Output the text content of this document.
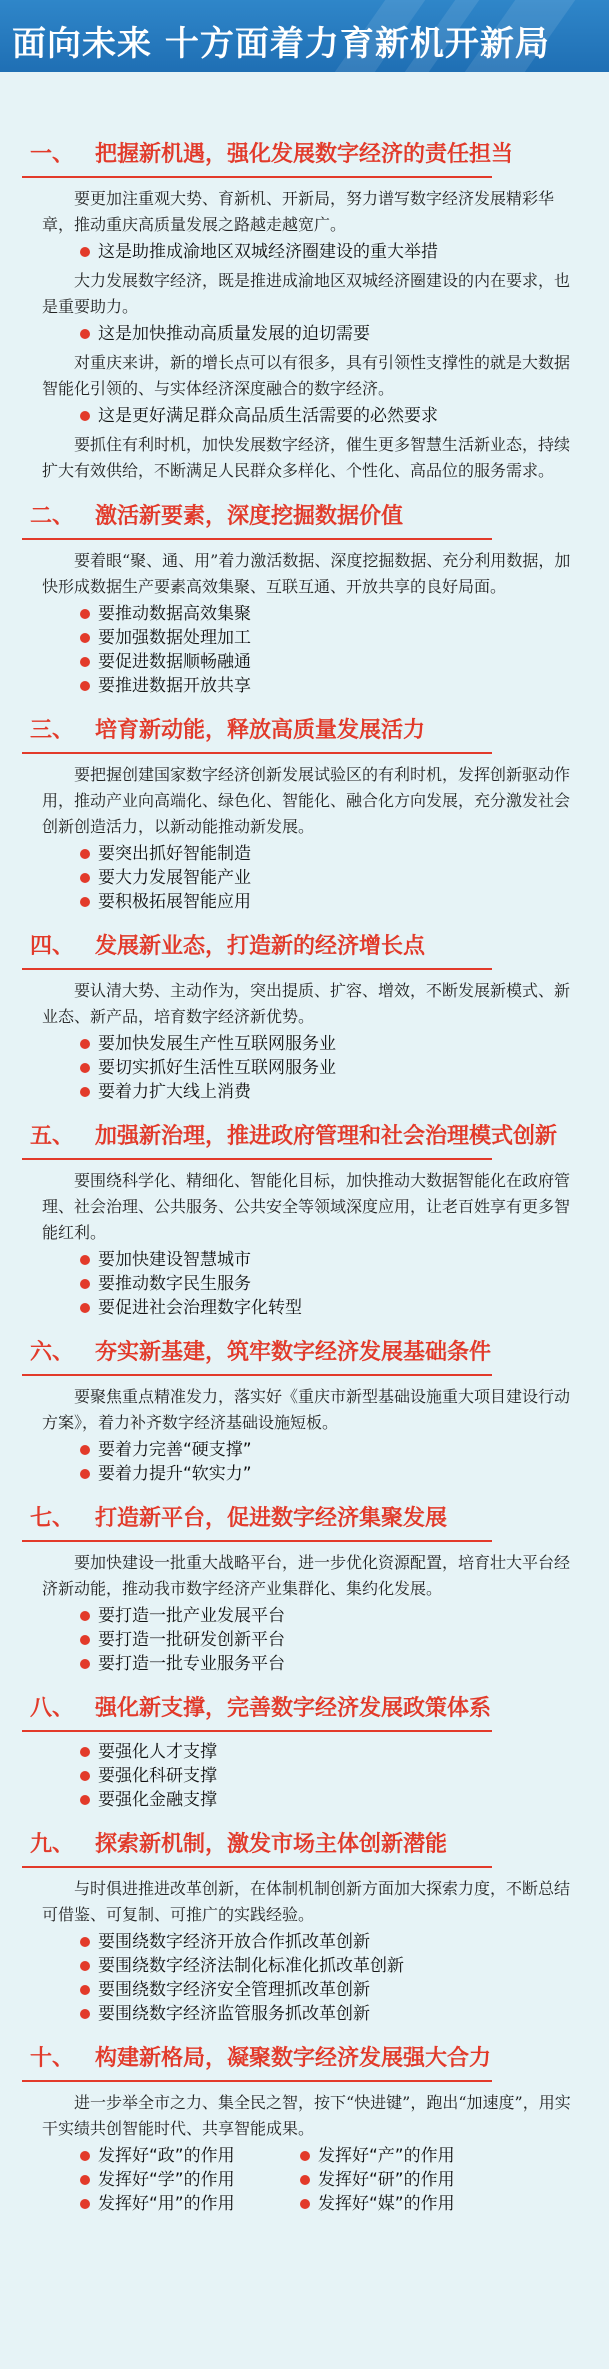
面向未来 十方面着力育新机开新局
一、 把握新机遇，强化发展数字经济的责任担当

要更加注重观大势、育新机、开新局，努力谱写数字经济发展精彩华章，推动重庆高质量发展之路越走越宽广。

这是助推成渝地区双城经济圈建设的重大举措

大力发展数字经济，既是推进成渝地区双城经济圈建设的内在要求，也是重要助力。

这是加快推动高质量发展的迫切需要

对重庆来讲，新的增长点可以有很多，具有引领性支撑性的就是大数据智能化引领的、与实体经济深度融合的数字经济。

这是更好满足群众高品质生活需要的必然要求

要抓住有利时机，加快发展数字经济，催生更多智慧生活新业态，持续扩大有效供给，不断满足人民群众多样化、个性化、高品位的服务需求。

二、 激活新要素，深度挖掘数据价值

要着眼“聚、通、用”着力激活数据、深度挖掘数据、充分利用数据，加快形成数据生产要素高效集聚、互联互通、开放共享的良好局面。

要推动数据高效集聚
要加强数据处理加工
要促进数据顺畅融通
要推进数据开放共享
三、 培育新动能，释放高质量发展活力

要把握创建国家数字经济创新发展试验区的有利时机，发挥创新驱动作用，推动产业向高端化、绿色化、智能化、融合化方向发展，充分激发社会创新创造活力，以新动能推动新发展。

要突出抓好智能制造
要大力发展智能产业
要积极拓展智能应用
四、 发展新业态，打造新的经济增长点

要认清大势、主动作为，突出提质、扩容、增效，不断发展新模式、新业态、新产品，培育数字经济新优势。

要加快发展生产性互联网服务业
要切实抓好生活性互联网服务业
要着力扩大线上消费
五、 加强新治理，推进政府管理和社会治理模式创新

要围绕科学化、精细化、智能化目标，加快推动大数据智能化在政府管理、社会治理、公共服务、公共安全等领域深度应用，让老百姓享有更多智能红利。

要加快建设智慧城市
要推动数字民生服务
要促进社会治理数字化转型
六、 夯实新基建，筑牢数字经济发展基础条件

要聚焦重点精准发力，落实好《重庆市新型基础设施重大项目建设行动方案》，着力补齐数字经济基础设施短板。

要着力完善“硬支撑”
要着力提升“软实力”
七、 打造新平台，促进数字经济集聚发展

要加快建设一批重大战略平台，进一步优化资源配置，培育壮大平台经济新动能，推动我市数字经济产业集群化、集约化发展。

要打造一批产业发展平台
要打造一批研发创新平台
要打造一批专业服务平台
八、 强化新支撑，完善数字经济发展政策体系
要强化人才支撑
要强化科研支撑
要强化金融支撑
九、 探索新机制，激发市场主体创新潜能

与时俱进推进改革创新，在体制机制创新方面加大探索力度，不断总结可借鉴、可复制、可推广的实践经验。

要围绕数字经济开放合作抓改革创新
要围绕数字经济法制化标准化抓改革创新
要围绕数字经济安全管理抓改革创新
要围绕数字经济监管服务抓改革创新
十、 构建新格局，凝聚数字经济发展强大合力

进一步举全市之力、集全民之智，按下“快进键”，跑出“加速度”，用实干实绩共创智能时代、共享智能成果。

发挥好“政”的作用	发挥好“产”的作用
发挥好“学”的作用	发挥好“研”的作用
发挥好“用”的作用	发挥好“媒”的作用
